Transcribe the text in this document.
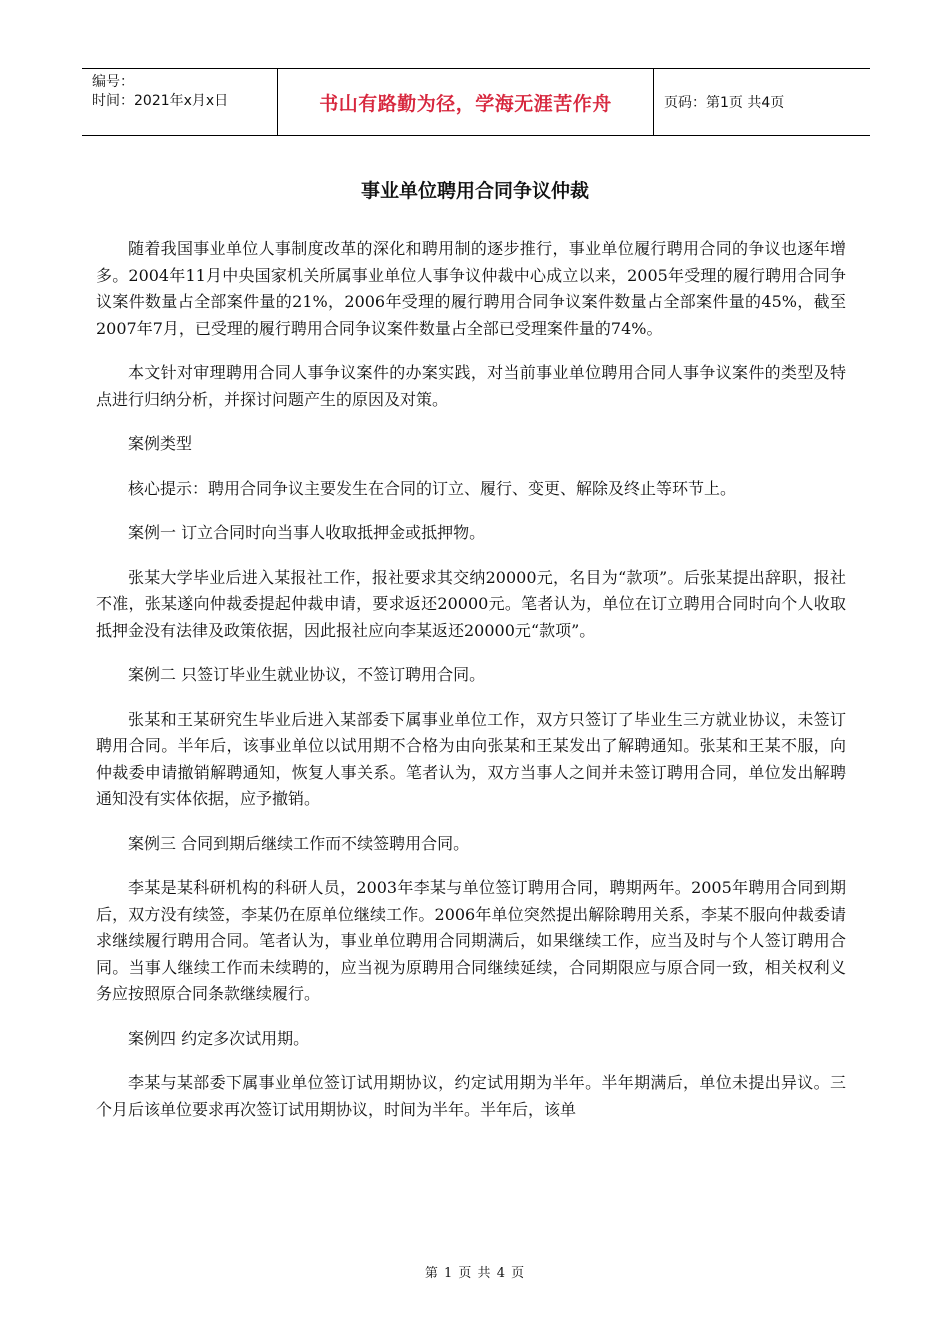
编号：
时间：2021年x月x日	书山有路勤为径，学海无涯苦作舟	页码：第1页 共4页
事业单位聘用合同争议仲裁

随着我国事业单位人事制度改革的深化和聘用制的逐步推行，事业单位履行聘用合同的争议也逐年增多。2004年11月中央国家机关所属事业单位人事争议仲裁中心成立以来，2005年受理的履行聘用合同争议案件数量占全部案件量的21%，2006年受理的履行聘用合同争议案件数量占全部案件量的45%，截至2007年7月，已受理的履行聘用合同争议案件数量占全部已受理案件量的74%。

本文针对审理聘用合同人事争议案件的办案实践，对当前事业单位聘用合同人事争议案件的类型及特点进行归纳分析，并探讨问题产生的原因及对策。

案例类型

核心提示：聘用合同争议主要发生在合同的订立、履行、变更、解除及终止等环节上。

案例一 订立合同时向当事人收取抵押金或抵押物。

张某大学毕业后进入某报社工作，报社要求其交纳20000元，名目为“款项”。后张某提出辞职，报社不准，张某遂向仲裁委提起仲裁申请，要求返还20000元。笔者认为，单位在订立聘用合同时向个人收取抵押金没有法律及政策依据，因此报社应向李某返还20000元“款项”。

案例二 只签订毕业生就业协议，不签订聘用合同。

张某和王某研究生毕业后进入某部委下属事业单位工作，双方只签订了毕业生三方就业协议，未签订聘用合同。半年后，该事业单位以试用期不合格为由向张某和王某发出了解聘通知。张某和王某不服，向仲裁委申请撤销解聘通知，恢复人事关系。笔者认为，双方当事人之间并未签订聘用合同，单位发出解聘通知没有实体依据，应予撤销。

案例三 合同到期后继续工作而不续签聘用合同。

李某是某科研机构的科研人员，2003年李某与单位签订聘用合同，聘期两年。2005年聘用合同到期后，双方没有续签，李某仍在原单位继续工作。2006年单位突然提出解除聘用关系，李某不服向仲裁委请求继续履行聘用合同。笔者认为，事业单位聘用合同期满后，如果继续工作，应当及时与个人签订聘用合同。当事人继续工作而未续聘的，应当视为原聘用合同继续延续，合同期限应与原合同一致，相关权利义务应按照原合同条款继续履行。

案例四 约定多次试用期。

李某与某部委下属事业单位签订试用期协议，约定试用期为半年。半年期满后，单位未提出异议。三个月后该单位要求再次签订试用期协议，时间为半年。半年后，该单

第 1 页 共 4 页
